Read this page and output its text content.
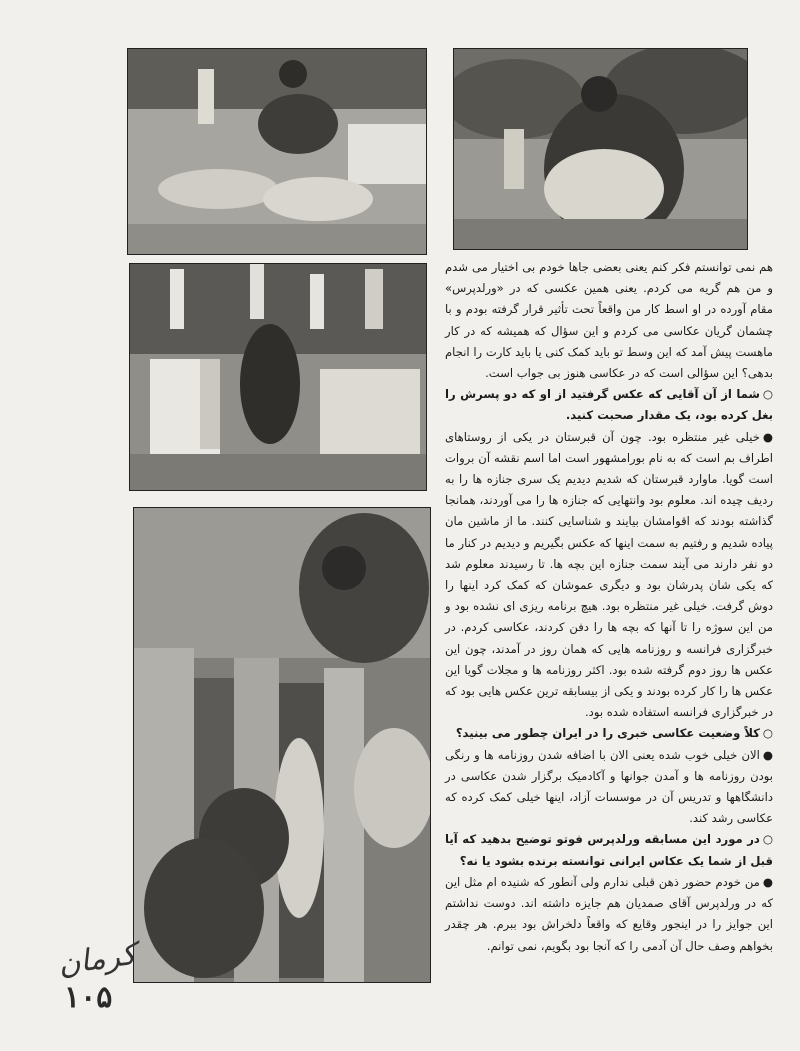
هم نمی توانستم فکر کنم یعنی بعضی جاها خودم بی اختیار می شدم و من هم گریه می کردم. یعنی همین عکسی که در «ورلدپرس» مقام آورده در او اسط کار من واقعاً تحت تأثیر قرار گرفته بودم و با چشمان گریان عکاسی می کردم و این سؤال که همیشه که در کار ماهست پیش آمد که این وسط تو باید کمک کنی یا باید کارت را انجام بدهی؟ این سؤالی است که در عکاسی هنوز بی جواب است.

○شما از آن آقایی که عکس گرفتید از او که دو پسرش را بغل کرده بود، یک مقدار صحبت کنید.

●خیلی غیر منتظره بود. چون آن قبرستان در یکی از روستاهای اطراف بم است که به نام بورامشهور است اما اسم نقشه آن بروات است گویا. ماوارد قبرستان که شدیم دیدیم یک سری جنازه ها را به ردیف چیده اند. معلوم بود وانتهایی که جنازه ها را می آوردند، همانجا گذاشته بودند که اقوامشان بیایند و شناسایی کنند. ما از ماشین مان پیاده شدیم و رفتیم به سمت اینها که عکس بگیریم و دیدیم در کنار ما دو نفر دارند می آیند سمت جنازه این بچه ها. تا رسیدند معلوم شد که یکی شان پدرشان بود و دیگری عموشان که کمک کرد اینها را دوش گرفت. خیلی غیر منتظره بود. هیچ برنامه ریزی ای نشده بود و من این سوژه را تا آنها که بچه ها را دفن کردند، عکاسی کردم. در خبرگزاری فرانسه و روزنامه هایی که همان روز در آمدند، چون این عکس ها روز دوم گرفته شده بود. اکثر روزنامه ها و مجلات گویا این عکس ها را کار کرده بودند و یکی از بیسابقه ترین عکس هایی بود که در خبرگزاری فرانسه استفاده شده بود.

○کلاً وضعیت عکاسی خبری را در ایران چطور می بینید؟

●الان خیلی خوب شده یعنی الان با اضافه شدن روزنامه ها و رنگی بودن روزنامه ها و آمدن جوانها و آکادمیک برگزار شدن عکاسی در دانشگاهها و تدریس آن در موسسات آزاد، اینها خیلی کمک کرده که عکاسی رشد کند.

○در مورد این مسابقه ورلدپرس فوتو توضیح بدهید که آیا قبل از شما یک عکاس ایرانی توانسته برنده بشود یا نه؟

●من خودم حضور ذهن قبلی ندارم ولی آنطور که شنیده ام مثل این که در ورلدپرس آقای صمدیان هم جایزه داشته اند. دوست نداشتم این جوایز را در اینجور وقایع که واقعاً دلخراش بود ببرم. هر چقدر بخواهم وصف حال آن آدمی را که آنجا بود بگویم، نمی توانم.

کرمان
۱۰۵
